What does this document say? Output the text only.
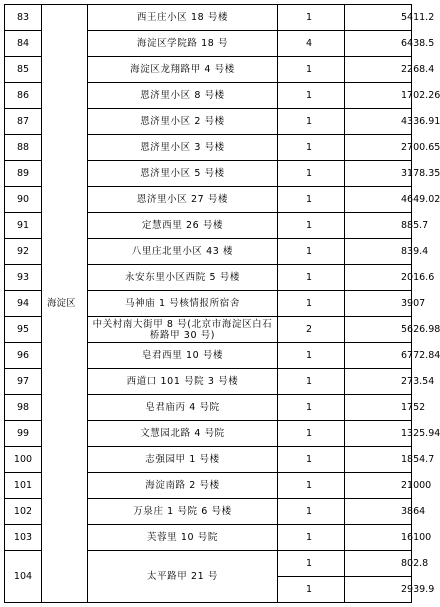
83	海淀区	西王庄小区 18 号楼	1	5411.2
84		海淀区学院路 18 号	4	6438.5
85		海淀区龙翔路甲 4 号楼	1	2268.4
86		恩济里小区 8 号楼	1	1702.26
87		恩济里小区 2 号楼	1	4336.91
88		恩济里小区 3 号楼	1	2700.65
89		恩济里小区 5 号楼	1	3178.35
90		恩济里小区 27 号楼	1	4649.02
91		定慧西里 26 号楼	1	885.7
92		八里庄北里小区 43 楼	1	839.4
93		永安东里小区西院 5 号楼	1	2016.6
94		马神庙 1 号核情报所宿舍	1	3907
95		中关村南大街甲 8 号(北京市海淀区白石桥路甲 30 号)	2	5626.98
96		皂君西里 10 号楼	1	6772.84
97		西道口 101 号院 3 号楼	1	273.54
98		皂君庙丙 4 号院	1	1752
99		文慧园北路 4 号院	1	1325.94
100		志强园甲 1 号楼	1	1854.7
101		海淀南路 2 号楼	1	21000
102		万泉庄 1 号院 6 号楼	1	3864
103		芙蓉里 10 号院	1	16100
104		太平路甲 21 号	1	802.8
			1	2939.9
